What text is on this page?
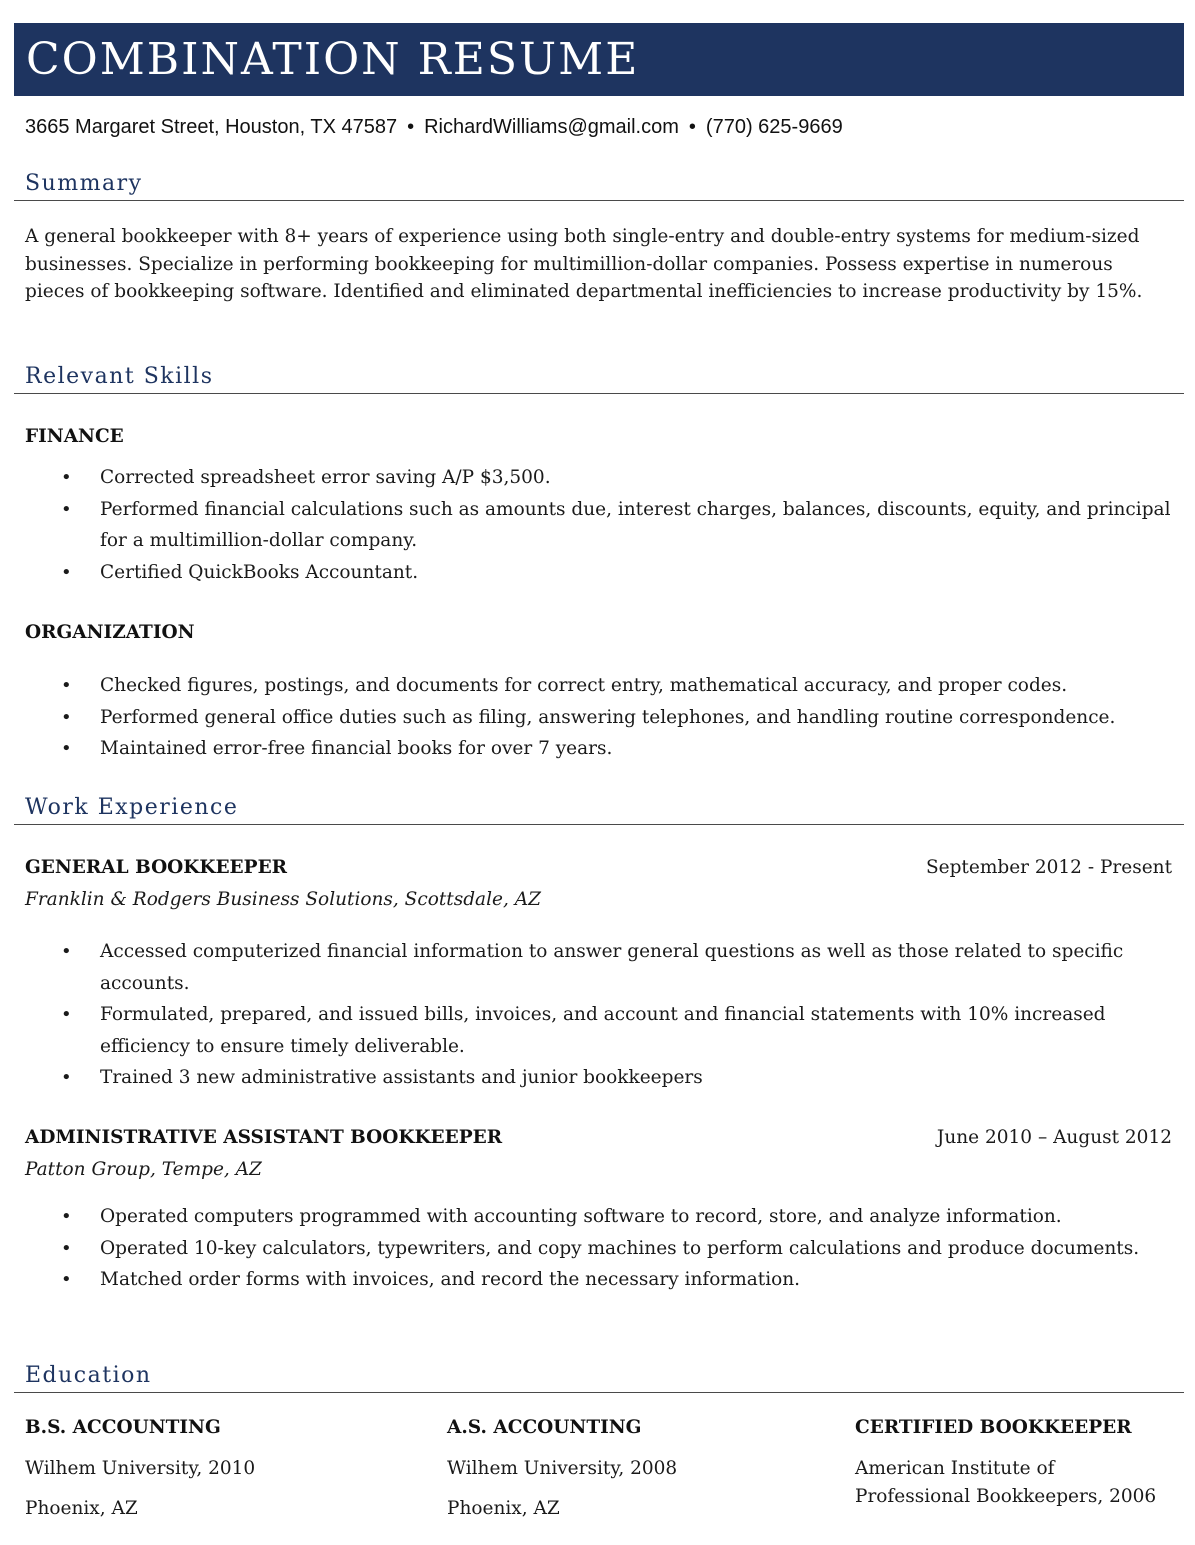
COMBINATION RESUME
3665 Margaret Street, Houston, TX 47587 • RichardWilliams@gmail.com • (770) 625-9669
Summary

A general bookkeeper with 8+ years of experience using both single-entry and double-entry systems for medium-sized businesses. Specialize in performing bookkeeping for multimillion-dollar companies. Possess expertise in numerous pieces of bookkeeping software. Identified and eliminated departmental inefficiencies to increase productivity by 15%.

Relevant Skills
FINANCE
• Corrected spreadsheet error saving A/P $3,500.
• Performed financial calculations such as amounts due, interest charges, balances, discounts, equity, and principal for a multimillion-dollar company.
• Certified QuickBooks Accountant.
ORGANIZATION
• Checked figures, postings, and documents for correct entry, mathematical accuracy, and proper codes.
• Performed general office duties such as filing, answering telephones, and handling routine correspondence.
• Maintained error-free financial books for over 7 years.
Work Experience
GENERAL BOOKKEEPER	September 2012 - Present
Franklin & Rodgers Business Solutions, Scottsdale, AZ
• Accessed computerized financial information to answer general questions as well as those related to specific accounts.
• Formulated, prepared, and issued bills, invoices, and account and financial statements with 10% increased efficiency to ensure timely deliverable.
• Trained 3 new administrative assistants and junior bookkeepers
ADMINISTRATIVE ASSISTANT BOOKKEEPER	June 2010 – August 2012
Patton Group, Tempe, AZ
• Operated computers programmed with accounting software to record, store, and analyze information.
• Operated 10-key calculators, typewriters, and copy machines to perform calculations and produce documents.
• Matched order forms with invoices, and record the necessary information.
Education
B.S. ACCOUNTING
Wilhem University, 2010
Phoenix, AZ
A.S. ACCOUNTING
Wilhem University, 2008
Phoenix, AZ
CERTIFIED BOOKKEEPER
American Institute of Professional Bookkeepers, 2006
